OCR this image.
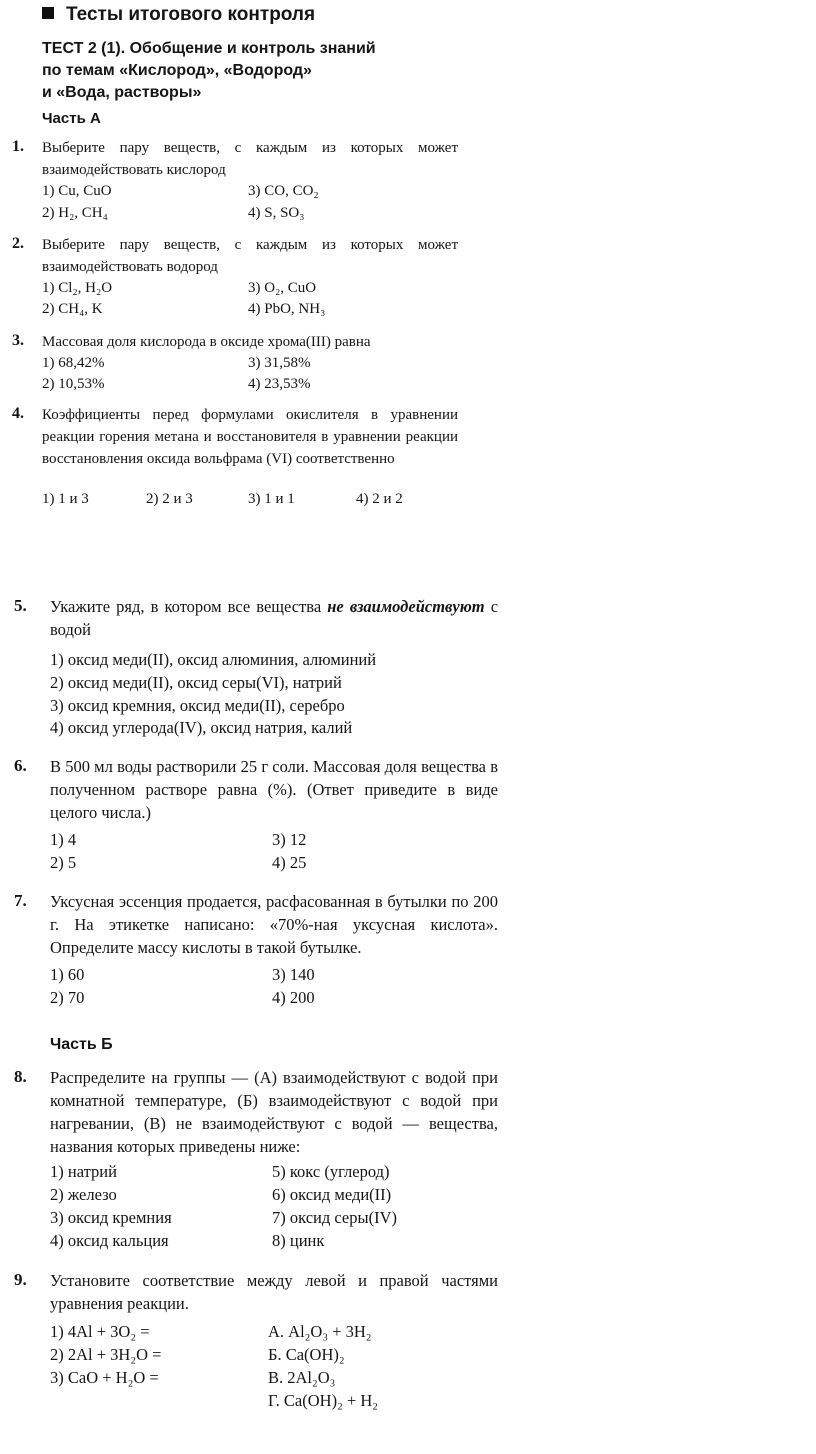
Тесты итогового контроля
ТЕСТ 2 (1). Обобщение и контроль знаний
по темам «Кислород», «Водород»
и «Вода, растворы»
Часть А
1. Выберите пару веществ, с каждым из которых может взаимодействовать кислород
1) Cu, CuO
2) H₂, CH₄
3) CO, CO₂
4) S, SO₃
2. Выберите пару веществ, с каждым из которых может взаимодействовать водород
1) Cl₂, H₂O
2) CH₄, K
3) O₂, CuO
4) PbO, NH₃
3. Массовая доля кислорода в оксиде хрома(III) равна
1) 68,42%
2) 10,53%
3) 31,58%
4) 23,53%
4. Коэффициенты перед формулами окислителя в уравнении реакции горения метана и восстановителя в уравнении реакции восстановления оксида вольфрама (VI) соответственно
1) 1 и 3	2) 2 и 3	3) 1 и 1	4) 2 и 2
5. Укажите ряд, в котором все вещества не взаимодействуют с водой
1) оксид меди(II), оксид алюминия, алюминий
2) оксид меди(II), оксид серы(VI), натрий
3) оксид кремния, оксид меди(II), серебро
4) оксид углерода(IV), оксид натрия, калий
6. В 500 мл воды растворили 25 г соли. Массовая доля вещества в полученном растворе равна (%). (Ответ приведите в виде целого числа.)
1) 4
2) 5
3) 12
4) 25
7. Уксусная эссенция продается, расфасованная в бутылки по 200 г. На этикетке написано: «70%-ная уксусная кислота». Определите массу кислоты в такой бутылке.
1) 60
2) 70
3) 140
4) 200
Часть Б
8. Распределите на группы — (А) взаимодействуют с водой при комнатной температуре, (Б) взаимодействуют с водой при нагревании, (В) не взаимодействуют с водой — вещества, названия которых приведены ниже:
1) натрий
2) железо
3) оксид кремния
4) оксид кальция
5) кокс (углерод)
6) оксид меди(II)
7) оксид серы(IV)
8) цинк
9. Установите соответствие между левой и правой частями уравнения реакции.
1) 4Al + 3O₂ =
2) 2Al + 3H₂O =
3) CaO + H₂O =
А. Al₂O₃ + 3H₂
Б. Ca(OH)₂
В. 2Al₂O₃
Г. Ca(OH)₂ + H₂
